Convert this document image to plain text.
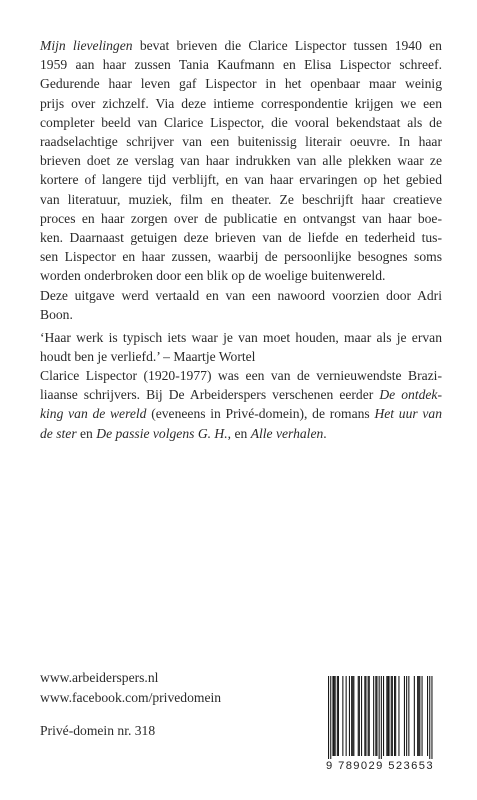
Mijn lievelingen bevat brieven die Clarice Lispector tussen 1940 en

1959 aan haar zussen Tania Kaufmann en Elisa Lispector schreef.

Gedurende haar leven gaf Lispector in het openbaar maar weinig

prijs over zichzelf. Via deze intieme correspondentie krijgen we een

completer beeld van Clarice Lispector, die vooral bekendstaat als de

raadselachtige schrijver van een buitenissig literair oeuvre. In haar

brieven doet ze verslag van haar indrukken van alle plekken waar ze

kortere of langere tijd verblijft, en van haar ervaringen op het gebied

van literatuur, muziek, film en theater. Ze beschrijft haar creatieve

proces en haar zorgen over de publicatie en ontvangst van haar boe-

ken. Daarnaast getuigen deze brieven van de liefde en tederheid tus-

sen Lispector en haar zussen, waarbij de persoonlijke besognes soms

worden onderbroken door een blik op de woelige buitenwereld.

Deze uitgave werd vertaald en van een nawoord voorzien door Adri

Boon.

‘Haar werk is typisch iets waar je van moet houden, maar als je ervan

houdt ben je verliefd.’ – Maartje Wortel

Clarice Lispector (1920-1977) was een van de vernieuwendste Brazi-

liaanse schrijvers. Bij De Arbeiderspers verschenen eerder De ontdek-

king van de wereld (eveneens in Privé-domein), de romans Het uur van

de ster en De passie volgens G. H., en Alle verhalen.

www.arbeiderspers.nl
www.facebook.com/privedomein
Privé-domein nr. 318
9 789029 523653
